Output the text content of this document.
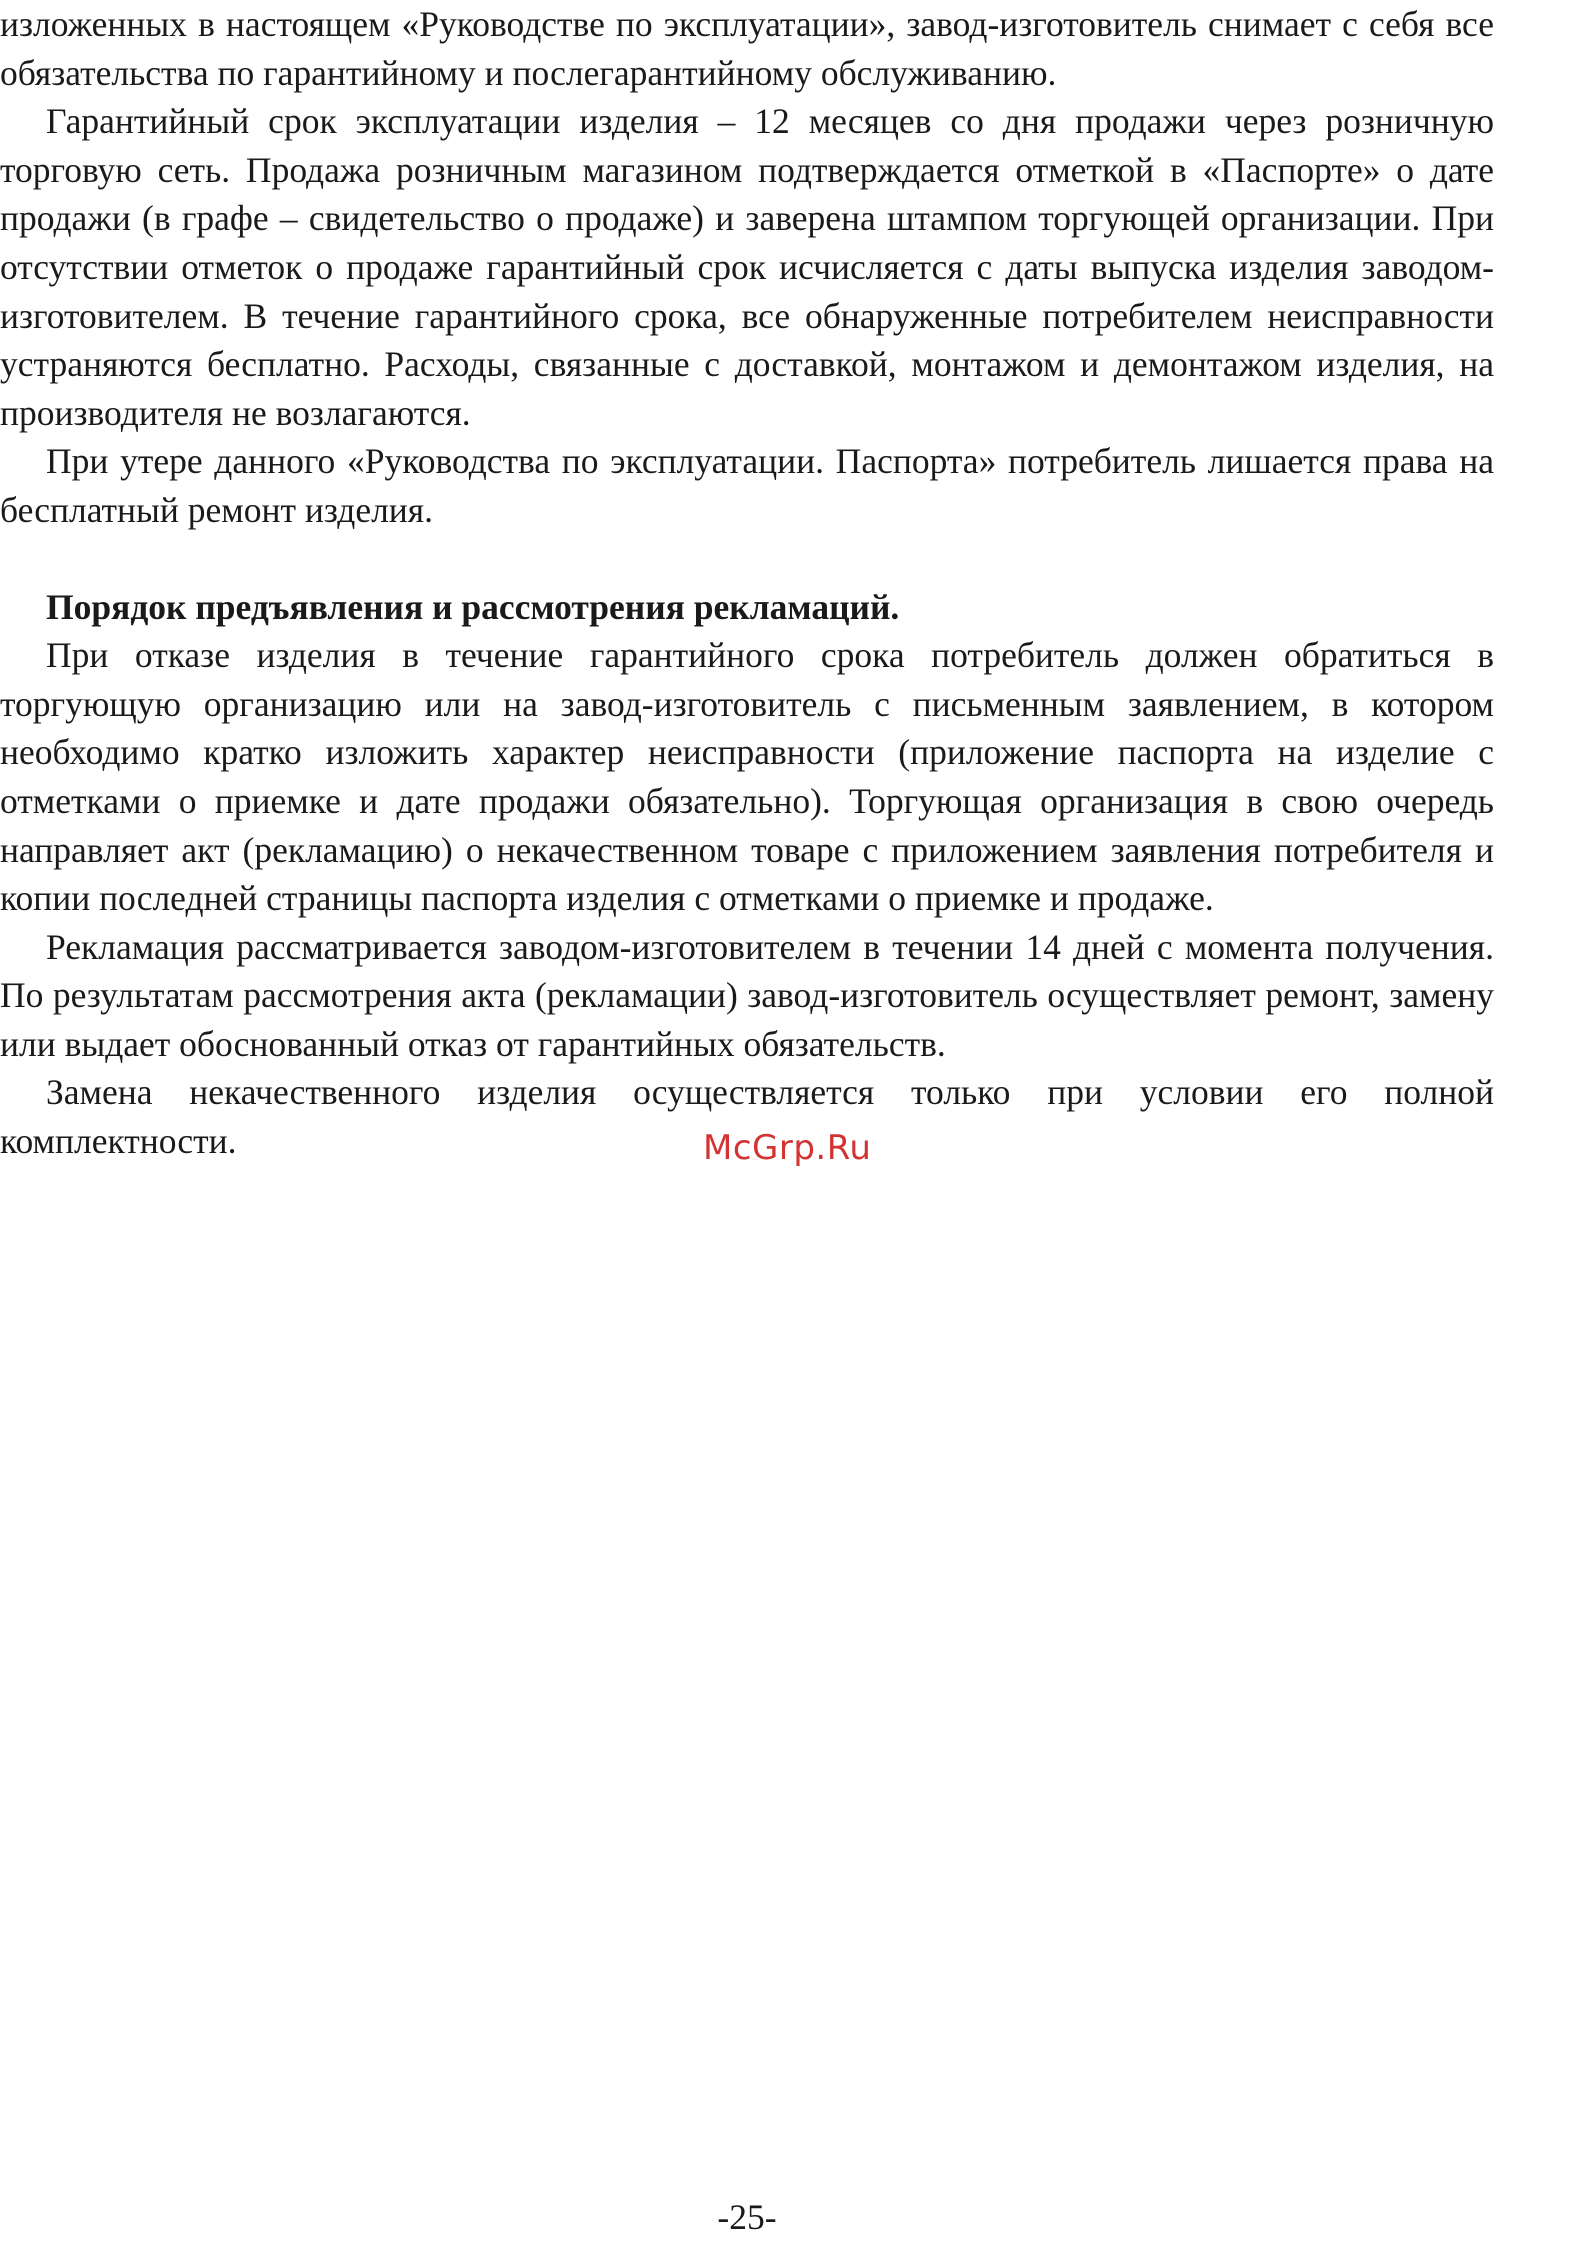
изложенных в настоящем «Руководстве по эксплуатации», завод-изготовитель снимает с себя все обязательства по гарантийному и послегарантийному обслуживанию.

Гарантийный срок эксплуатации изделия – 12 месяцев со дня продажи через розничную торговую сеть. Продажа розничным магазином подтверждается отметкой в «Паспорте» о дате продажи (в графе – свидетельство о продаже) и заверена штампом торгующей организации. При отсутствии отметок о продаже гарантийный срок исчисляется с даты выпуска изделия заводом-изготовителем. В течение гарантийного срока, все обнаруженные потребителем неисправности устраняются бесплатно. Расходы, связанные с доставкой, монтажом и демонтажом изделия, на производителя не возлагаются.

При утере данного «Руководства по эксплуатации. Паспорта» потребитель лишается права на бесплатный ремонт изделия.

Порядок предъявления и рассмотрения рекламаций.

При отказе изделия в течение гарантийного срока потребитель должен обратиться в торгующую организацию или на завод-изготовитель с письменным заявлением, в котором необходимо кратко изложить характер неисправности (приложение паспорта на изделие с отметками о приемке и дате продажи обязательно). Торгующая организация в свою очередь направляет акт (рекламацию) о некачественном товаре с приложением заявления потребителя и копии последней страницы паспорта изделия с отметками о приемке и продаже.

Рекламация рассматривается заводом-изготовителем в течении 14 дней с момента получения. По результатам рассмотрения акта (рекламации) завод-изготовитель осуществляет ремонт, замену или выдает обоснованный отказ от гарантийных обязательств.

Замена некачественного изделия осуществляется только при условии его полной комплектности.	McGrp.Ru
-25-
